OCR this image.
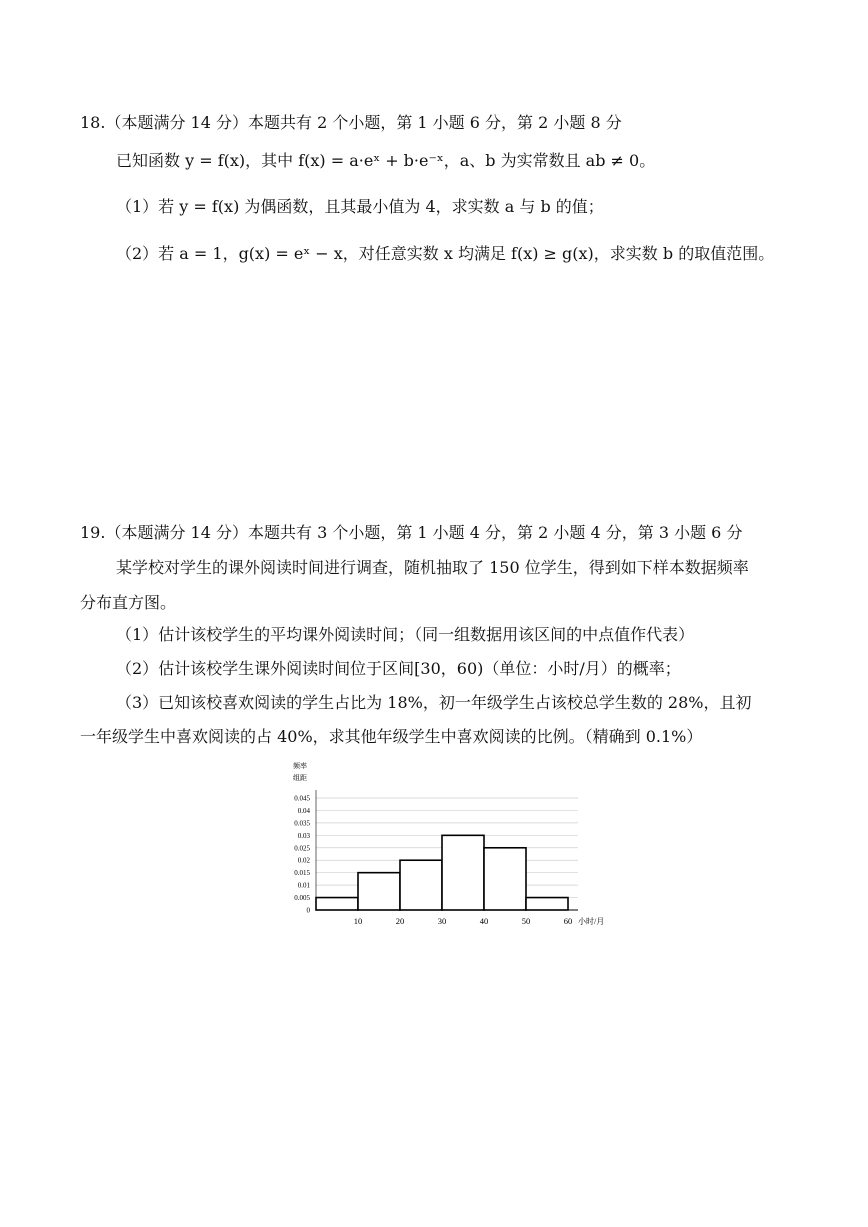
18.（本题满分 14 分）本题共有 2 个小题，第 1 小题 6 分，第 2 小题 8 分
已知函数 y = f(x)，其中 f(x) = a·eˣ + b·e⁻ˣ，a、b 为实常数且 ab ≠ 0。
（1）若 y = f(x) 为偶函数，且其最小值为 4，求实数 a 与 b 的值；
（2）若 a = 1，g(x) = eˣ − x，对任意实数 x 均满足 f(x) ≥ g(x)，求实数 b 的取值范围。
19.（本题满分 14 分）本题共有 3 个小题，第 1 小题 4 分，第 2 小题 4 分，第 3 小题 6 分
某学校对学生的课外阅读时间进行调查，随机抽取了 150 位学生，得到如下样本数据频率
分布直方图。
（1）估计该校学生的平均课外阅读时间；（同一组数据用该区间的中点值作代表）
（2）估计该校学生课外阅读时间位于区间[30，60)（单位：小时/月）的概率；
（3）已知该校喜欢阅读的学生占比为 18%，初一年级学生占该校总学生数的 28%，且初
一年级学生中喜欢阅读的占 40%，求其他年级学生中喜欢阅读的比例。（精确到 0.1%）
0
0.005
0.01
0.015
0.02
0.025
0.03
0.035
0.04
0.045
10	20	30	40	50	60
频率
组距
小时/月
